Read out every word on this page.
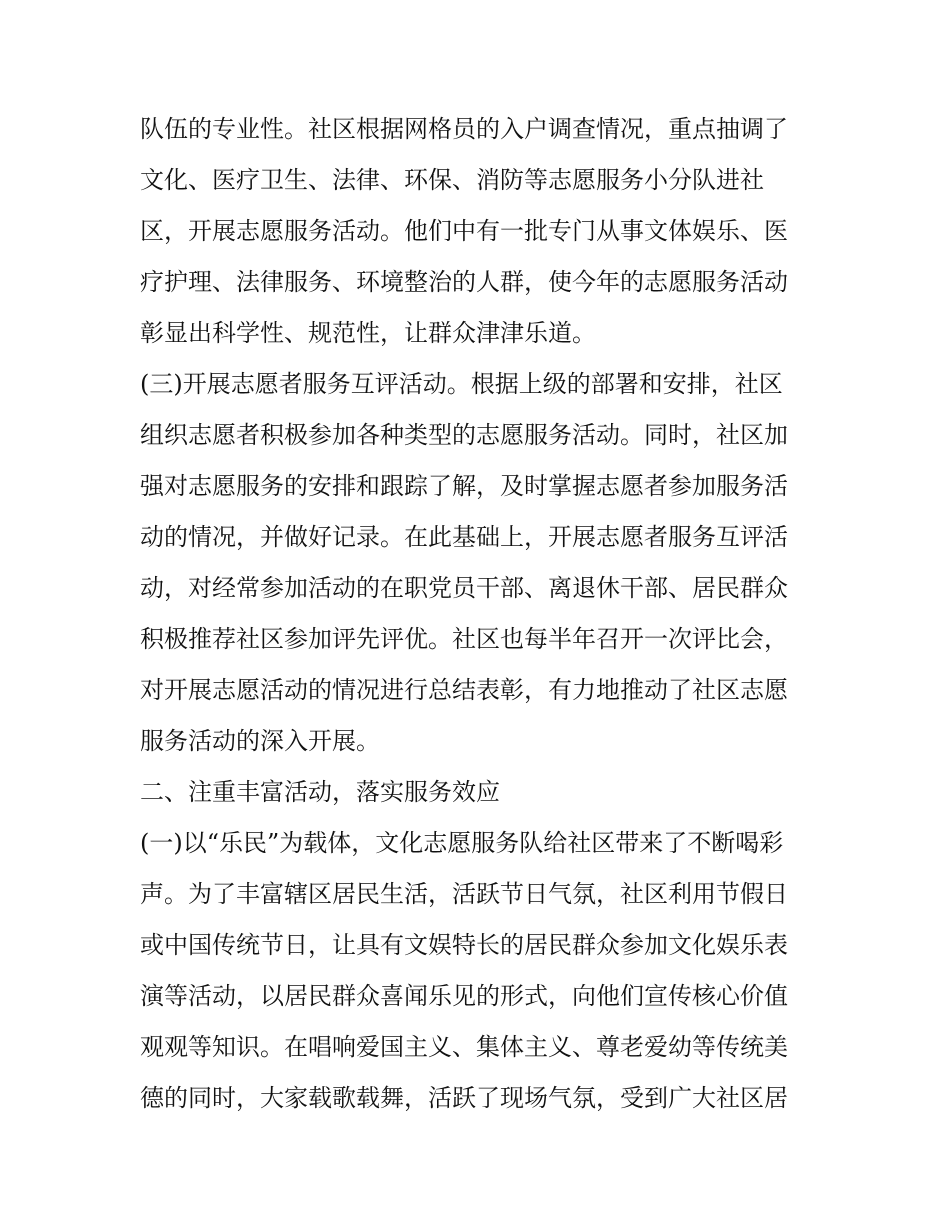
队伍的专业性。社区根据网格员的入户调查情况，重点抽调了
文化、医疗卫生、法律、环保、消防等志愿服务小分队进社
区，开展志愿服务活动。他们中有一批专门从事文体娱乐、医
疗护理、法律服务、环境整治的人群，使今年的志愿服务活动
彰显出科学性、规范性，让群众津津乐道。
(三)开展志愿者服务互评活动。根据上级的部署和安排，社区
组织志愿者积极参加各种类型的志愿服务活动。同时，社区加
强对志愿服务的安排和跟踪了解，及时掌握志愿者参加服务活
动的情况，并做好记录。在此基础上，开展志愿者服务互评活
动，对经常参加活动的在职党员干部、离退休干部、居民群众
积极推荐社区参加评先评优。社区也每半年召开一次评比会，
对开展志愿活动的情况进行总结表彰，有力地推动了社区志愿
服务活动的深入开展。
二、注重丰富活动，落实服务效应
(一)以“乐民”为载体，文化志愿服务队给社区带来了不断喝彩
声。为了丰富辖区居民生活，活跃节日气氛，社区利用节假日
或中国传统节日，让具有文娱特长的居民群众参加文化娱乐表
演等活动，以居民群众喜闻乐见的形式，向他们宣传核心价值
观观等知识。在唱响爱国主义、集体主义、尊老爱幼等传统美
德的同时，大家载歌载舞，活跃了现场气氛，受到广大社区居
